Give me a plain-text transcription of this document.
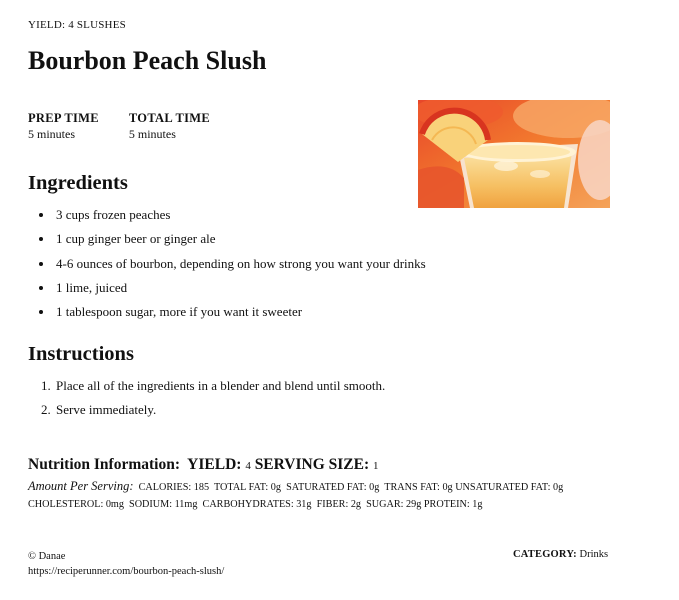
YIELD: 4 SLUSHES
Bourbon Peach Slush
PREP TIME
5 minutes
TOTAL TIME
5 minutes
Ingredients
• 3 cups frozen peaches
• 1 cup ginger beer or ginger ale
• 4-6 ounces of bourbon, depending on how strong you want your drinks
• 1 lime, juiced
• 1 tablespoon sugar, more if you want it sweeter
Instructions
1. Place all of the ingredients in a blender and blend until smooth.
2. Serve immediately.
Nutrition Information: YIELD: 4 SERVING SIZE: 1
Amount Per Serving: CALORIES: 185 TOTAL FAT: 0g SATURATED FAT: 0g TRANS FAT: 0g UNSATURATED FAT: 0g  CHOLESTEROL: 0mg SODIUM: 11mg CARBOHYDRATES: 31g FIBER: 2g SUGAR: 29g PROTEIN: 1g
© Danae
https://reciperunner.com/bourbon-peach-slush/
CATEGORY: Drinks
